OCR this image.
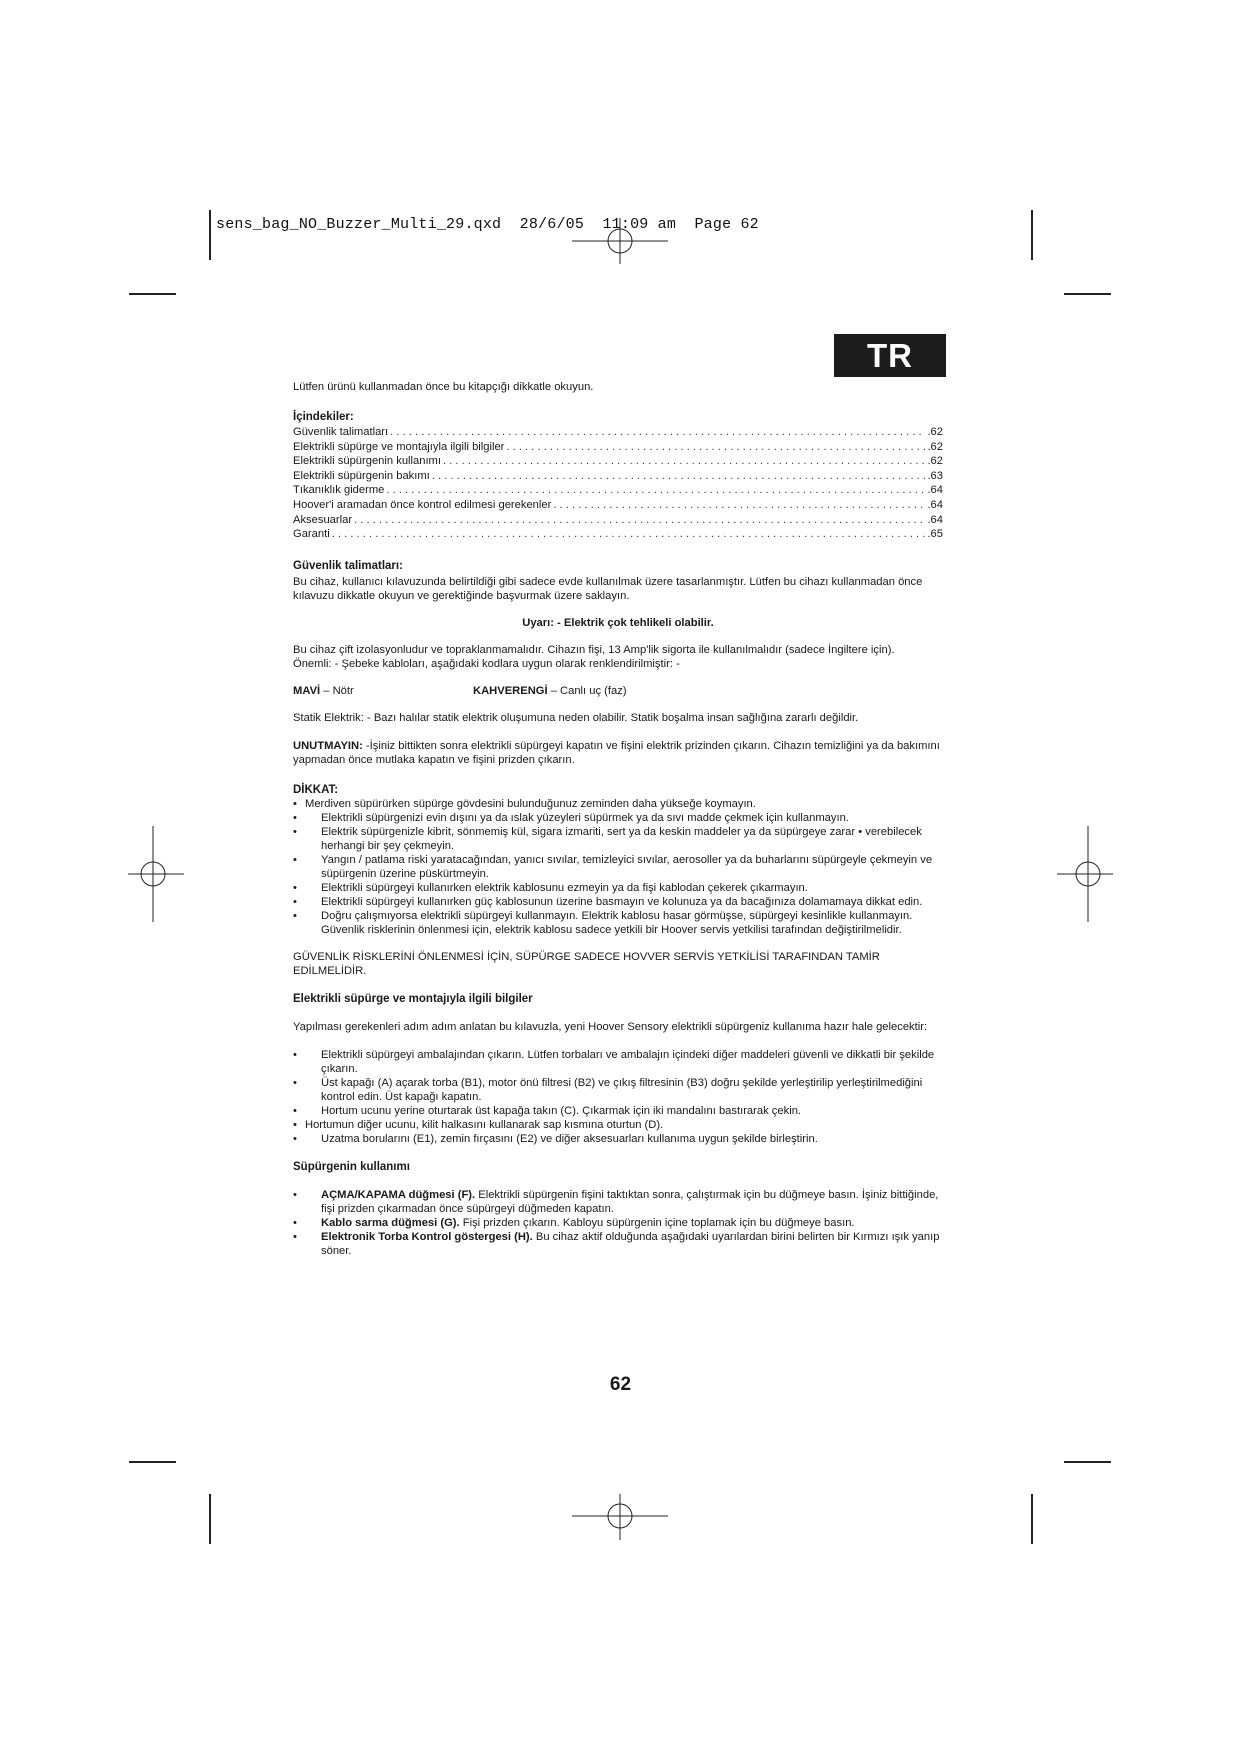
sens_bag_NO_Buzzer_Multi_29.qxd  28/6/05  11:09 am  Page 62
TR

Lütfen ürünü kullanmadan önce bu kitapçığı dikkatle okuyun.

İçindekiler:

Güvenlik talimatları . . .	.62
Elektrikli süpürge ve montajıyla ilgili bilgiler . . .	.62
Elektrikli süpürgenin kullanımı . . .	.62
Elektrikli süpürgenin bakımı . . .	.63
Tıkanıklık giderme . . .	.64
Hoover'i aramadan önce kontrol edilmesi gerekenler . . .	.64
Aksesuarlar . . .	.64
Garanti . . .	.65

Güvenlik talimatları:

Bu cihaz, kullanıcı kılavuzunda belirtildiği gibi sadece evde kullanılmak üzere tasarlanmıştır. Lütfen bu cihazı kullanmadan önce kılavuzu dikkatle okuyun ve gerektiğinde başvurmak üzere saklayın.

Uyarı: - Elektrik çok tehlikeli olabilir.

Bu cihaz çift izolasyonludur ve topraklanmamalıdır. Cihazın fişi, 13 Amp'lik sigorta ile kullanılmalıdır (sadece İngiltere için).

Önemli: - Şebeke kabloları, aşağıdaki kodlara uygun olarak renklendirilmiştir: -

MAVİ – Nötr	KAHVERENGİ – Canlı uç (faz)

Statik Elektrik: - Bazı halılar statik elektrik oluşumuna neden olabilir. Statik boşalma insan sağlığına zararlı değildir.

UNUTMAYIN: -İşiniz bittikten sonra elektrikli süpürgeyi kapatın ve fişini elektrik prizinden çıkarın. Cihazın temizliğini ya da bakımını yapmadan önce mutlaka kapatın ve fişini prizden çıkarın.

DİKKAT:

• Merdiven süpürürken süpürge gövdesini bulunduğunuz zeminden daha yükseğe koymayın.
• Elektrikli süpürgenizi evin dışını ya da ıslak yüzeyleri süpürmek ya da sıvı madde çekmek için kullanmayın.
• Elektrik süpürgenizle kibrit, sönmemiş kül, sigara izmariti, sert ya da keskin maddeler ya da süpürgeye zarar • verebilecek herhangi bir şey çekmeyin.
• Yangın / patlama riski yaratacağından, yanıcı sıvılar, temizleyici sıvılar, aerosoller ya da buharlarını süpürgeyle çekmeyin ve süpürgenin üzerine püskürtmeyin.
• Elektrikli süpürgeyi kullanırken elektrik kablosunu ezmeyin ya da fişi kablodan çekerek çıkarmayın.
• Elektrikli süpürgeyi kullanırken güç kablosunun üzerine basmayın ve kolunuza ya da bacağınıza dolamamaya dikkat edin.
• Doğru çalışmıyorsa elektrikli süpürgeyi kullanmayın. Elektrik kablosu hasar görmüşse, süpürgeyi kesinlikle kullanmayın. Güvenlik risklerinin önlenmesi için, elektrik kablosu sadece yetkili bir Hoover servis yetkilisi tarafından değiştirilmelidir.

GÜVENLİK RİSKLERİNİ ÖNLENMESİ İÇİN, SÜPÜRGE SADECE HOVVER SERVİS YETKİLİSİ TARAFINDAN TAMİR EDİLMELİDİR.

Elektrikli süpürge ve montajıyla ilgili bilgiler

Yapılması gerekenleri adım adım anlatan bu kılavuzla, yeni Hoover Sensory elektrikli süpürgeniz kullanıma hazır hale gelecektir:

• Elektrikli süpürgeyi ambalajından çıkarın. Lütfen torbaları ve ambalajın içindeki diğer maddeleri güvenli ve dikkatli bir şekilde çıkarın.
• Üst kapağı (A) açarak torba (B1), motor önü filtresi (B2) ve çıkış filtresinin (B3) doğru şekilde yerleştirilip yerleştirilmediğini kontrol edin. Üst kapağı kapatın.
• Hortum ucunu yerine oturtarak üst kapağa takın (C). Çıkarmak için iki mandalını bastırarak çekin.
• Hortumun diğer ucunu, kilit halkasını kullanarak sap kısmına oturtun (D).
• Uzatma borularını (E1), zemin fırçasını (E2) ve diğer aksesuarları kullanıma uygun şekilde birleştirin.

Süpürgenin kullanımı

• AÇMA/KAPAMA düğmesi (F). Elektrikli süpürgenin fişini taktıktan sonra, çalıştırmak için bu düğmeye basın. İşiniz bittiğinde, fişi prizden çıkarmadan önce süpürgeyi düğmeden kapatın.
• Kablo sarma düğmesi (G). Fişi prizden çıkarın. Kabloyu süpürgenin içine toplamak için bu düğmeye basın.
• Elektronik Torba Kontrol göstergesi (H). Bu cihaz aktif olduğunda aşağıdaki uyarılardan birini belirten bir Kırmızı ışık yanıp söner.
62
